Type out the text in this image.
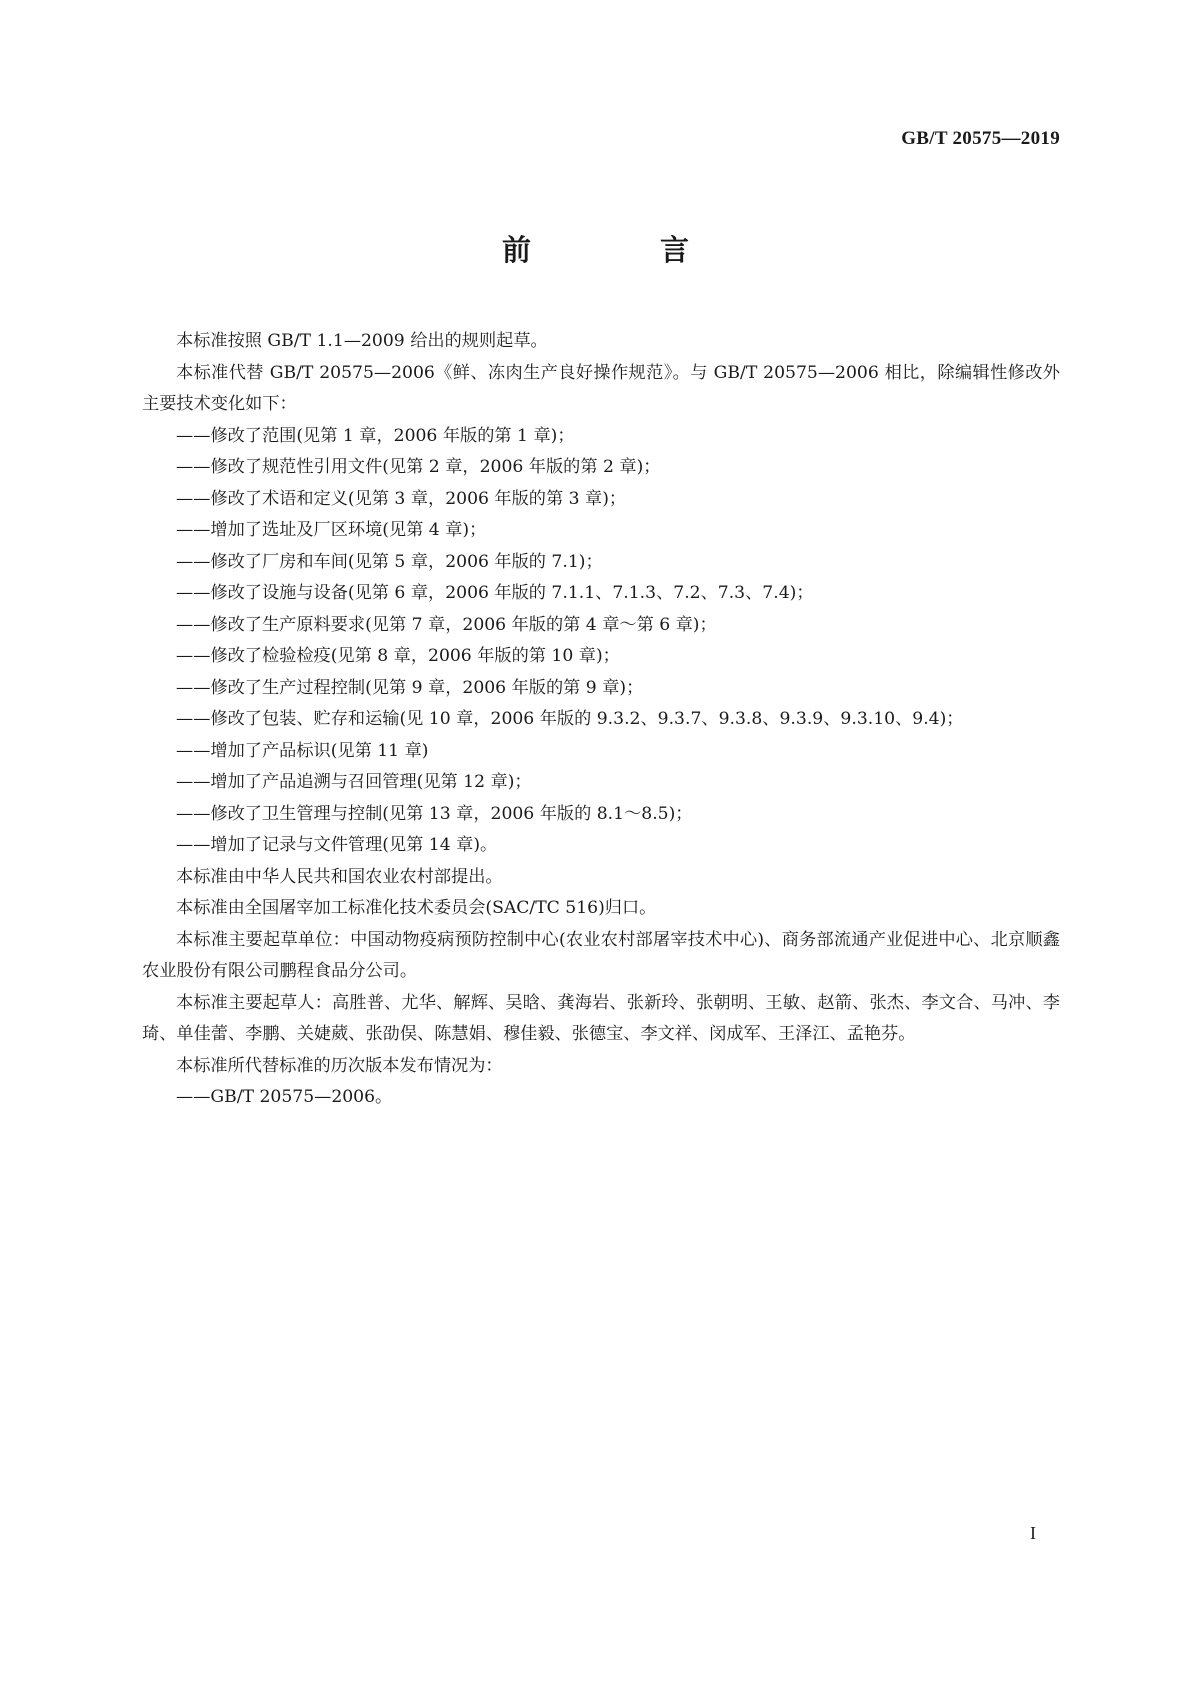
GB/T 20575—2019
前　言

本标准按照 GB/T 1.1—2009 给出的规则起草。

本标准代替 GB/T 20575—2006《鲜、冻肉生产良好操作规范》。与 GB/T 20575—2006 相比，除编辑性修改外主要技术变化如下：

——修改了范围(见第 1 章，2006 年版的第 1 章)；

——修改了规范性引用文件(见第 2 章，2006 年版的第 2 章)；

——修改了术语和定义(见第 3 章，2006 年版的第 3 章)；

——增加了选址及厂区环境(见第 4 章)；

——修改了厂房和车间(见第 5 章，2006 年版的 7.1)；

——修改了设施与设备(见第 6 章，2006 年版的 7.1.1、7.1.3、7.2、7.3、7.4)；

——修改了生产原料要求(见第 7 章，2006 年版的第 4 章～第 6 章)；

——修改了检验检疫(见第 8 章，2006 年版的第 10 章)；

——修改了生产过程控制(见第 9 章，2006 年版的第 9 章)；

——修改了包装、贮存和运输(见 10 章，2006 年版的 9.3.2、9.3.7、9.3.8、9.3.9、9.3.10、9.4)；

——增加了产品标识(见第 11 章)

——增加了产品追溯与召回管理(见第 12 章)；

——修改了卫生管理与控制(见第 13 章，2006 年版的 8.1～8.5)；

——增加了记录与文件管理(见第 14 章)。

本标准由中华人民共和国农业农村部提出。

本标准由全国屠宰加工标准化技术委员会(SAC/TC 516)归口。

本标准主要起草单位：中国动物疫病预防控制中心(农业农村部屠宰技术中心)、商务部流通产业促进中心、北京顺鑫农业股份有限公司鹏程食品分公司。

本标准主要起草人：高胜普、尤华、解辉、吴晗、龚海岩、张新玲、张朝明、王敏、赵箭、张杰、李文合、马冲、李琦、单佳蕾、李鹏、关婕葳、张劭俣、陈慧娟、穆佳毅、张德宝、李文祥、闵成军、王泽江、孟艳芬。

本标准所代替标准的历次版本发布情况为：

——GB/T 20575—2006。

I
